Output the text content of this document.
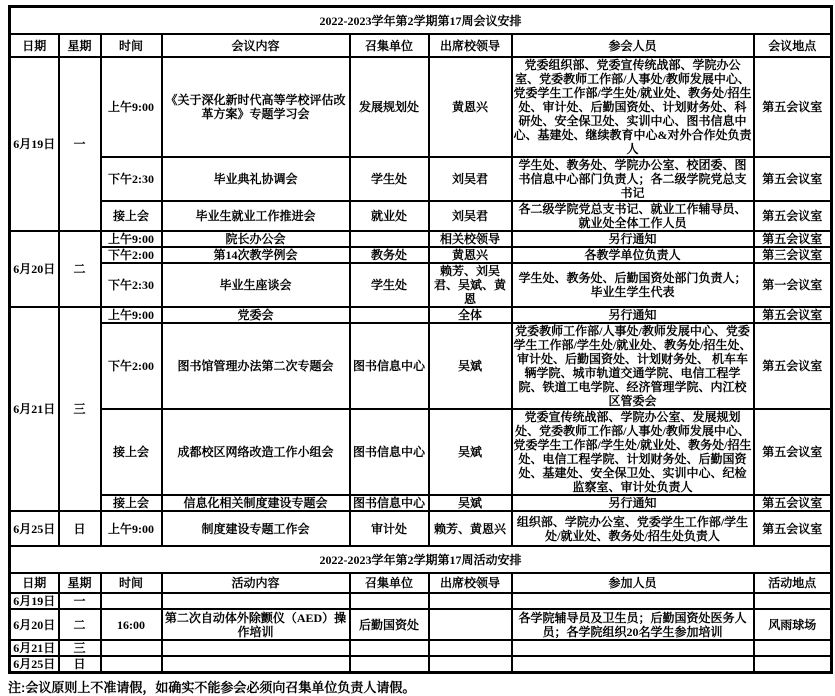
2022-2023学年第2学期第17周会议安排							
日期	星期	时间	会议内容	召集单位	出席校领导	参会人员	会议地点
6月19日	一	上午9:00	《关于深化新时代高等学校评估改革方案》专题学习会	发展规划处	黄恩兴	党委组织部、党委宣传统战部、学院办公室、党委教师工作部/人事处/教师发展中心、党委学生工作部/学生处/就业处、教务处/招生处、审计处、后勤国资处、计划财务处、科研处、安全保卫处、实训中心、图书信息中心、基建处、继续教育中心&对外合作处负责人	第五会议室
		下午2:30	毕业典礼协调会	学生处	刘吴君	学生处、教务处、学院办公室、校团委、图书信息中心部门负责人；各二级学院党总支书记	第五会议室
		接上会	毕业生就业工作推进会	就业处	刘吴君	各二级学院党总支书记、就业工作辅导员、就业处全体工作人员	第五会议室
6月20日	二	上午9:00	院长办公会		相关校领导	另行通知	第五会议室
		下午2:00	第14次教学例会	教务处	黄恩兴	各教学单位负责人	第三会议室
		下午2:30	毕业生座谈会	学生处	赖芳、刘吴君、吴斌、黄恩	学生处、教务处、后勤国资处部门负责人；毕业生学生代表	第一会议室
6月21日	三	上午9:00	党委会		全体	另行通知	第五会议室
		下午2:00	图书馆管理办法第二次专题会	图书信息中心	吴斌	党委教师工作部/人事处/教师发展中心、党委学生工作部/学生处/就业处、教务处/招生处、审计处、后勤国资处、计划财务处、 机车车辆学院、城市轨道交通学院、电信工程学院、铁道工电学院、经济管理学院、内江校区管委会	第五会议室
		接上会	成都校区网络改造工作小组会	图书信息中心	吴斌	党委宣传统战部、学院办公室、发展规划处、党委教师工作部/人事处/教师发展中心、党委学生工作部/学生处/就业处、教务处/招生处、电信工程学院、计划财务处、后勤国资处、基建处、安全保卫处、实训中心、纪检监察室、审计处负责人	第五会议室
		接上会	信息化相关制度建设专题会	图书信息中心	吴斌	另行通知	第五会议室
6月25日	日	上午9:00	制度建设专题工作会	审计处	赖芳、黄恩兴	组织部、学院办公室、党委学生工作部/学生处/就业处、教务处/招生处负责人	第五会议室
2022-2023学年第2学期第17周活动安排							
日期	星期	时间	活动内容	召集单位	出席校领导	参加人员	活动地点
6月19日	一						
6月20日	二	16:00	第二次自动体外除颤仪（AED）操作培训	后勤国资处		各学院辅导员及卫生员；后勤国资处医务人员；各学院组织20名学生参加培训	风雨球场
6月21日	三						
6月25日	日						
注:会议原则上不准请假，如确实不能参会必须向召集单位负责人请假。
